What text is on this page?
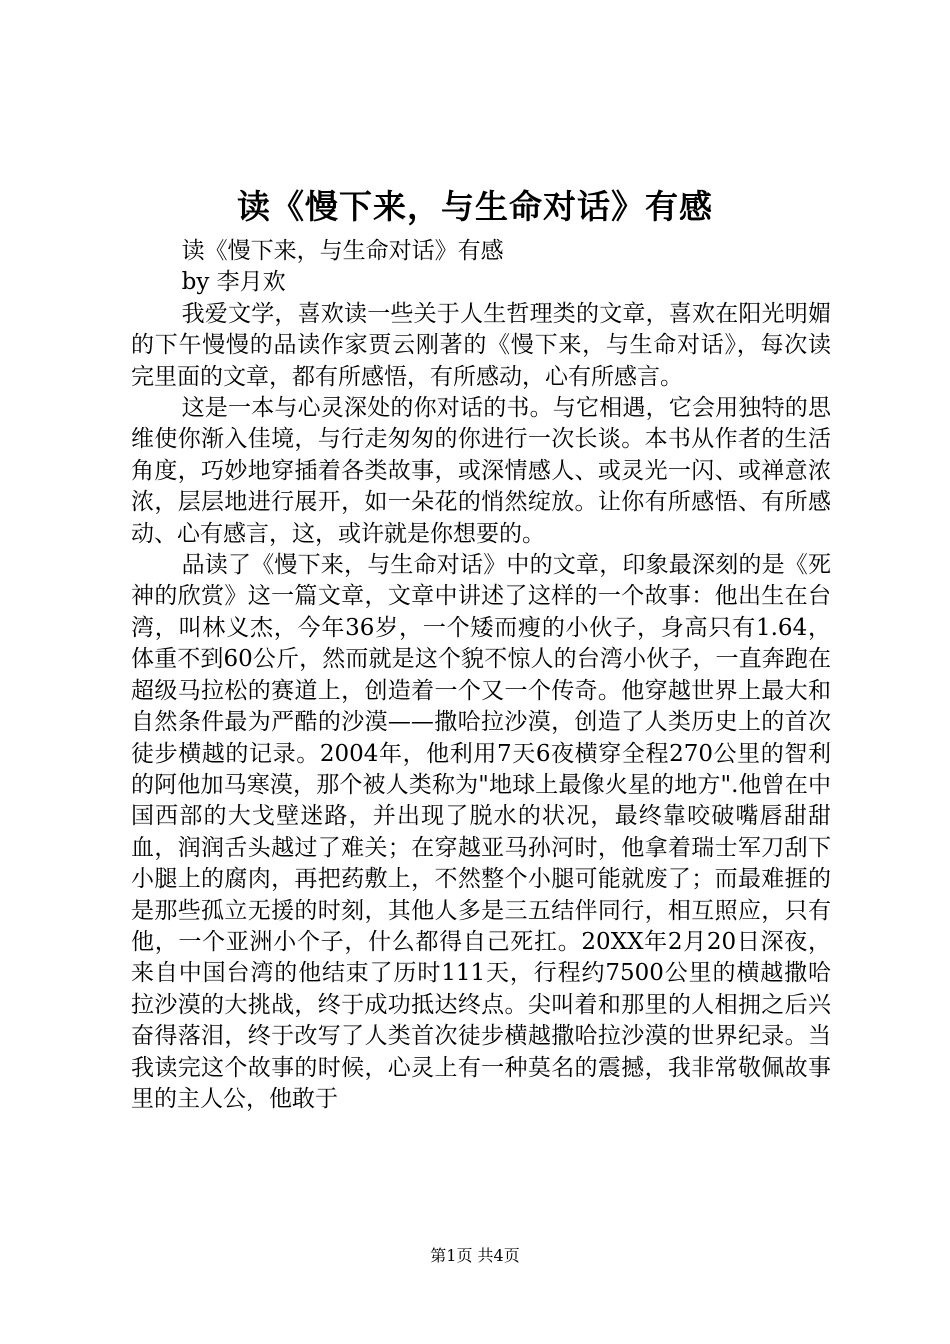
读《慢下来，与生命对话》有感

读《慢下来，与生命对话》有感

by 李月欢

我爱文学，喜欢读一些关于人生哲理类的文章，喜欢在阳光明媚的下午慢慢的品读作家贾云刚著的《慢下来，与生命对话》，每次读完里面的文章，都有所感悟，有所感动，心有所感言。

这是一本与心灵深处的你对话的书。与它相遇，它会用独特的思维使你渐入佳境，与行走匆匆的你进行一次长谈。本书从作者的生活角度，巧妙地穿插着各类故事，或深情感人、或灵光一闪、或禅意浓浓，层层地进行展开，如一朵花的悄然绽放。让你有所感悟、有所感动、心有感言，这，或许就是你想要的。

品读了《慢下来，与生命对话》中的文章，印象最深刻的是《死神的欣赏》这一篇文章，文章中讲述了这样的一个故事：他出生在台湾，叫林义杰，今年36岁，一个矮而瘦的小伙子，身高只有1.64，体重不到60公斤，然而就是这个貌不惊人的台湾小伙子，一直奔跑在超级马拉松的赛道上，创造着一个又一个传奇。他穿越世界上最大和自然条件最为严酷的沙漠——撒哈拉沙漠，创造了人类历史上的首次徒步横越的记录。2004年，他利用7天6夜横穿全程270公里的智利的阿他加马寒漠，那个被人类称为"地球上最像火星的地方".他曾在中国西部的大戈壁迷路，并出现了脱水的状况，最终靠咬破嘴唇甜甜血，润润舌头越过了难关；在穿越亚马孙河时，他拿着瑞士军刀刮下小腿上的腐肉，再把药敷上，不然整个小腿可能就废了；而最难捱的是那些孤立无援的时刻，其他人多是三五结伴同行，相互照应，只有他，一个亚洲小个子，什么都得自己死扛。20XX年2月20日深夜，来自中国台湾的他结束了历时111天，行程约7500公里的横越撒哈拉沙漠的大挑战，终于成功抵达终点。尖叫着和那里的人相拥之后兴奋得落泪，终于改写了人类首次徒步横越撒哈拉沙漠的世界纪录。当我读完这个故事的时候，心灵上有一种莫名的震撼，我非常敬佩故事里的主人公，他敢于

第1页 共4页
